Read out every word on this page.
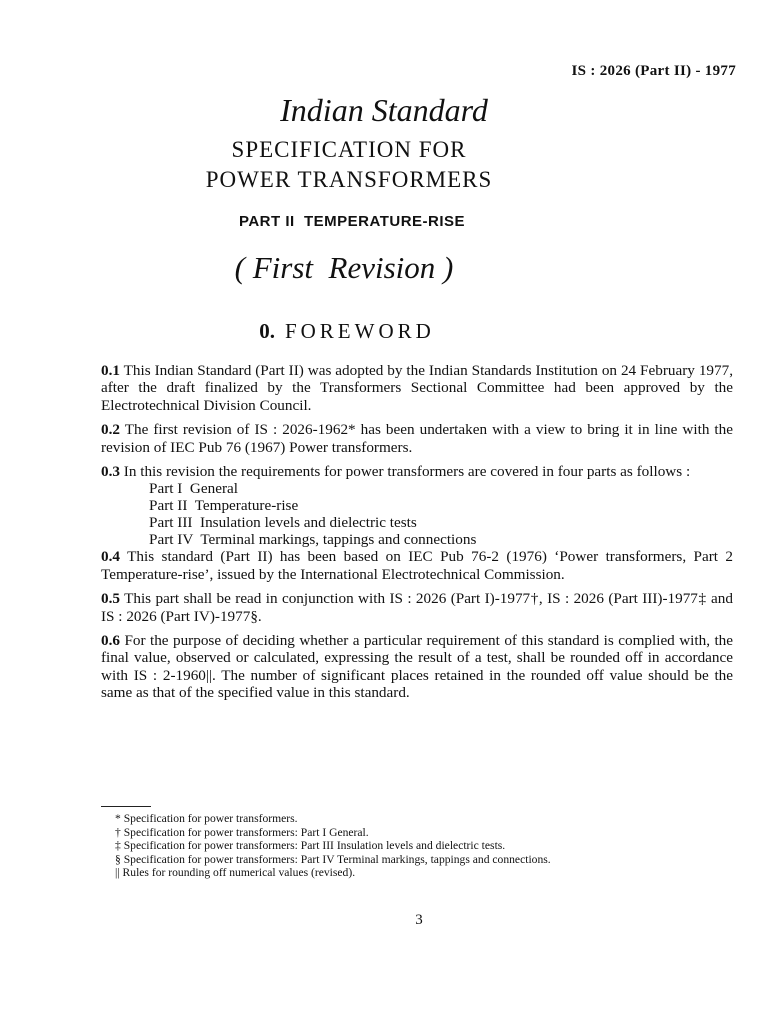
IS : 2026 (Part II) - 1977
Indian Standard
SPECIFICATION FOR
POWER TRANSFORMERS
PART II  TEMPERATURE-RISE
( First  Revision )
0. FOREWORD

0.1 This Indian Standard (Part II) was adopted by the Indian Standards Institution on 24 February 1977, after the draft finalized by the Transformers Sectional Committee had been approved by the Electrotechnical Division Council.

0.2 The first revision of IS : 2026-1962* has been undertaken with a view to bring it in line with the revision of IEC Pub 76 (1967) Power transformers.

0.3 In this revision the requirements for power transformers are covered in four parts as follows :

Part I  General
Part II  Temperature-rise
Part III  Insulation levels and dielectric tests
Part IV  Terminal markings, tappings and connections

0.4 This standard (Part II) has been based on IEC Pub 76-2 (1976) ‘Power transformers, Part 2 Temperature-rise’, issued by the International Electrotechnical Commission.

0.5 This part shall be read in conjunction with IS : 2026 (Part I)-1977†, IS : 2026 (Part III)-1977‡ and IS : 2026 (Part IV)-1977§.

0.6 For the purpose of deciding whether a particular requirement of this standard is complied with, the final value, observed or calculated, expressing the result of a test, shall be rounded off in accordance with IS : 2-1960||. The number of significant places retained in the rounded off value should be the same as that of the specified value in this standard.

* Specification for power transformers.
† Specification for power transformers: Part I General.
‡ Specification for power transformers: Part III Insulation levels and dielectric tests.
§ Specification for power transformers: Part IV Terminal markings, tappings and connections.
|| Rules for rounding off numerical values (revised).
3
